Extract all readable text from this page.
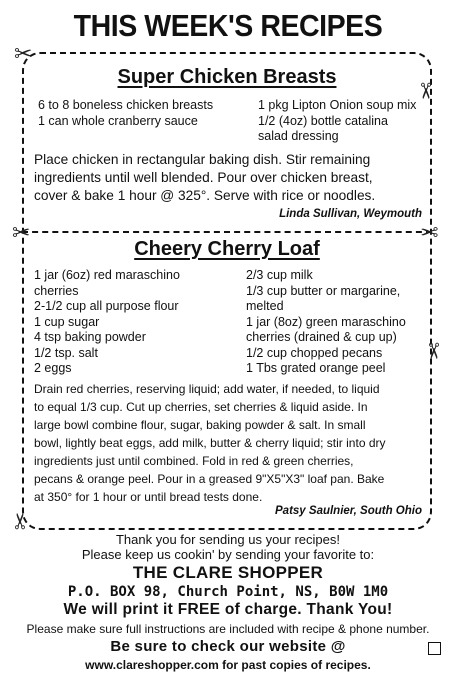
THIS WEEK'S RECIPES
✂
✂
✂	✂
✂
✂
Super Chicken Breasts
6 to 8 boneless chicken breasts
1 can whole cranberry sauce
1 pkg Lipton Onion soup mix
1/2 (4oz) bottle catalina
salad dressing
Place chicken in rectangular baking dish. Stir remaining
ingredients until well blended. Pour over chicken breast,
cover & bake 1 hour @ 325°. Serve with rice or noodles.
Linda Sullivan, Weymouth
Cheery Cherry Loaf
1 jar (6oz) red maraschino
cherries
2-1/2 cup all purpose flour
1 cup sugar
4 tsp baking powder
1/2 tsp. salt
2 eggs
2/3 cup milk
1/3 cup butter or margarine,
melted
1 jar (8oz) green maraschino
cherries (drained & cup up)
1/2 cup chopped pecans
1 Tbs grated orange peel
Drain red cherries, reserving liquid; add water, if needed, to liquid
to equal 1/3 cup. Cut up cherries, set cherries & liquid aside. In
large bowl combine flour, sugar, baking powder & salt. In small
bowl, lightly beat eggs, add milk, butter & cherry liquid; stir into dry
ingredients just until combined. Fold in red & green cherries,
pecans & orange peel. Pour in a greased 9"X5"X3" loaf pan. Bake
at 350° for 1 hour or until bread tests done.
Patsy Saulnier, South Ohio
Thank you for sending us your recipes!
Please keep us cookin' by sending your favorite to:
THE CLARE SHOPPER
P.O. BOX 98, Church Point, NS, B0W 1M0
We will print it FREE of charge. Thank You!
Please make sure full instructions are included with recipe & phone number.
Be sure to check our website @
www.clareshopper.com for past copies of recipes.
